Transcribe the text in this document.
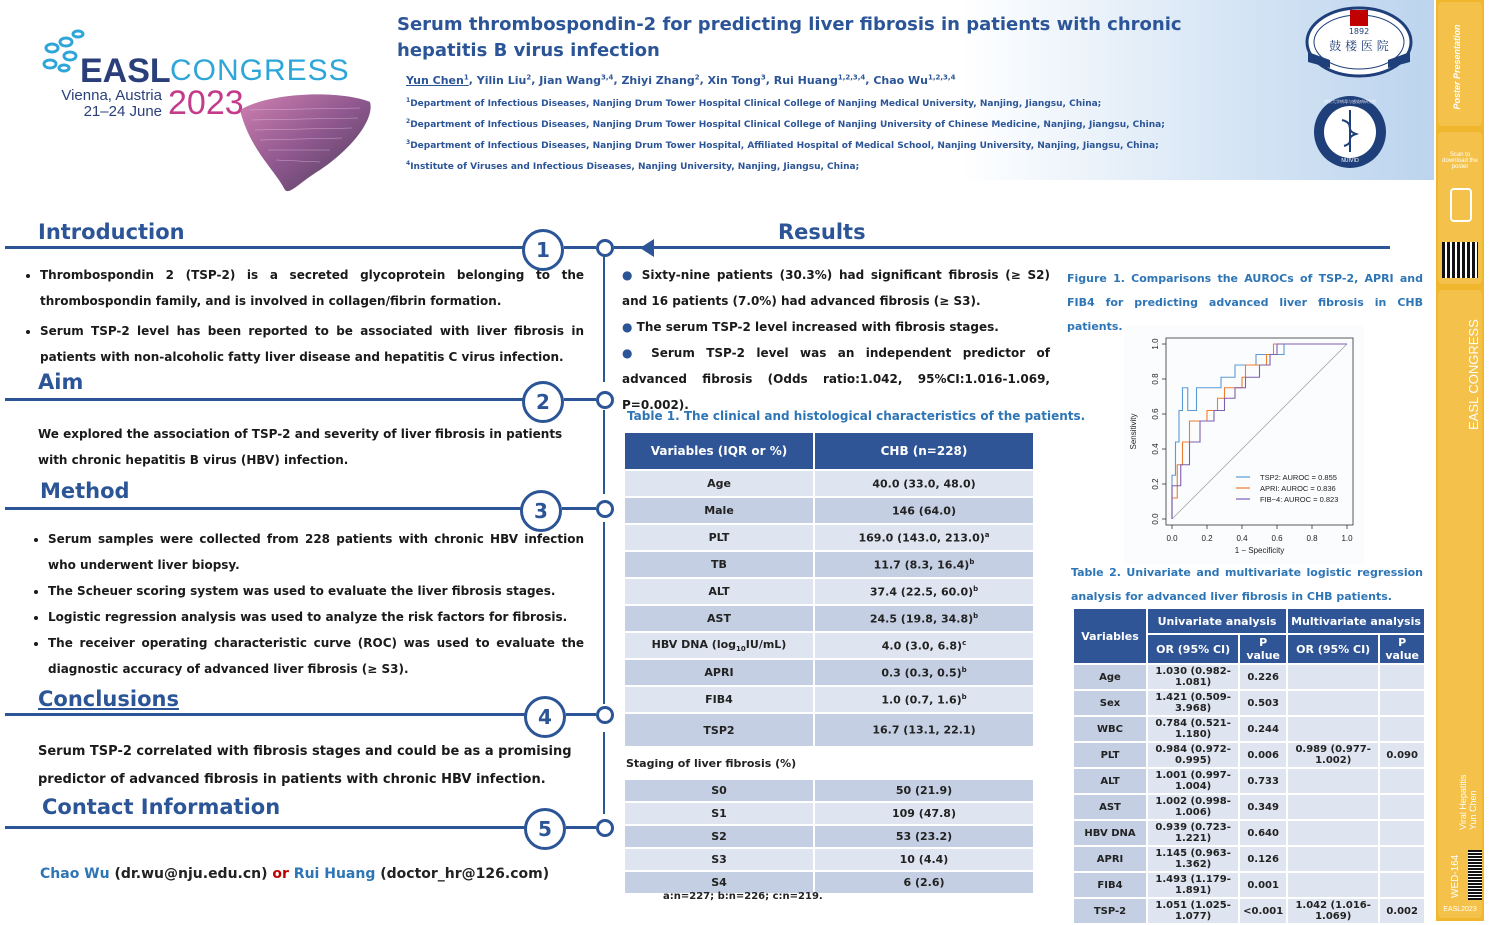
EASL CONGRESS
Vienna, Austria
21–24 June 2023
Serum thrombospondin-2 for predicting liver fibrosis in patients with chronic hepatitis B virus infection
Yun Chen$^1$, Yilin Liu$^2$, Jian Wang$^{3,4}$, Zhiyi Zhang$^2$, Xin Tong$^3$, Rui Huang$^{1,2,3,4}$, Chao Wu$^{1,2,3,4}$
$^1$Department of Infectious Diseases, Nanjing Drum Tower Hospital Clinical College of Nanjing Medical University, Nanjing, Jiangsu, China;
$^2$Department of Infectious Diseases, Nanjing Drum Tower Hospital Clinical College of Nanjing University of Chinese Medicine, Nanjing, Jiangsu, China;
$^3$Department of Infectious Diseases, Nanjing Drum Tower Hospital, Affiliated Hospital of Medical School, Nanjing University, Nanjing, Jiangsu, China;
$^4$Institute of Viruses and Infectious Diseases, Nanjing University, Nanjing, Jiangsu, China;
1892
鼓 楼 医 院
NUIVID
南京大学病毒与感染病研究所	Poster Presentation
Scan to download the poster
EASL CONGRESS 2023
Viral Hepatitis Yun Chen
WED-164
EASL2023
Introduction
1
• Thrombospondin 2 (TSP-2) is a secreted glycoprotein belonging to the thrombospondin family, and is involved in collagen/fibrin formation.
• Serum TSP-2 level has been reported to be associated with liver fibrosis in patients with non-alcoholic fatty liver disease and hepatitis C virus infection.
Aim
2
We explored the association of TSP-2 and severity of liver fibrosis in patients with chronic hepatitis B virus (HBV) infection.
Method
3
• Serum samples were collected from 228 patients with chronic HBV infection who underwent liver biopsy.
• The Scheuer scoring system was used to evaluate the liver fibrosis stages.
• Logistic regression analysis was used to analyze the risk factors for fibrosis.
• The receiver operating characteristic curve (ROC) was used to evaluate the diagnostic accuracy of advanced liver fibrosis (≥ S3).
Conclusions
4
Serum TSP-2 correlated with fibrosis stages and could be as a promising predictor of advanced fibrosis in patients with chronic HBV infection.
Contact Information
5
Chao Wu (dr.wu@nju.edu.cn) or Rui Huang (doctor_hr@126.com)
Results
● Sixty-nine patients (30.3%) had significant fibrosis (≥ S2) and 16 patients (7.0%) had advanced fibrosis (≥ S3).
● The serum TSP-2 level increased with fibrosis stages.
● Serum TSP-2 level was an independent predictor of advanced fibrosis (Odds ratio:1.042, 95%CI:1.016-1.069, P=0.002).
Table 1. The clinical and histological characteristics of the patients.
Variables (IQR or %)	CHB (n=228)
Age	40.0 (33.0, 48.0)
Male	146 (64.0)
PLT	169.0 (143.0, 213.0)$^a$
TB	11.7 (8.3, 16.4)$^b$
ALT	37.4 (22.5, 60.0)$^b$
AST	24.5 (19.8, 34.8)$^b$
HBV DNA $(\log_{10}IU/mL)$	4.0 (3.0, 6.8)$^c$
APRI	0.3 (0.3, 0.5)$^b$
FIB4	1.0 (0.7, 1.6)$^b$
TSP2	16.7 (13.1, 22.1)
Staging of liver fibrosis (%)	
S0	50 (21.9)
S1	109 (47.8)
S2	53 (23.2)
S3	10 (4.4)
S4	6 (2.6)
a:n=227; b:n=226; c:n=219.
Figure 1. Comparisons the AUROCs of TSP-2, APRI and FIB4 for predicting advanced liver fibrosis in CHB patients.
0.0	0.2	0.4	0.6	0.8	1.0
0.0
0.2
0.4
0.6
0.8
1.0
1 − Specificity
Sensitivity
TSP2: AUROC = 0.855
APRI: AUROC = 0.836
FIB−4: AUROC = 0.823
Table 2. Univariate and multivariate logistic regression analysis for advanced liver fibrosis in CHB patients.
Variables	Univariate analysis		Multivariate analysis	
	OR (95% CI)	P value	OR (95% CI)	P value
Age	1.030 (0.982-1.081)	0.226		
Sex	1.421 (0.509-3.968)	0.503		
WBC	0.784 (0.521-1.180)	0.244		
PLT	0.984 (0.972-0.995)	0.006	0.989 (0.977-1.002)	0.090
ALT	1.001 (0.997-1.004)	0.733		
AST	1.002 (0.998-1.006)	0.349		
HBV DNA	0.939 (0.723-1.221)	0.640		
APRI	1.145 (0.963-1.362)	0.126		
FIB4	1.493 (1.179-1.891)	0.001		
TSP-2	1.051 (1.025-1.077)	<0.001	1.042 (1.016-1.069)	0.002
